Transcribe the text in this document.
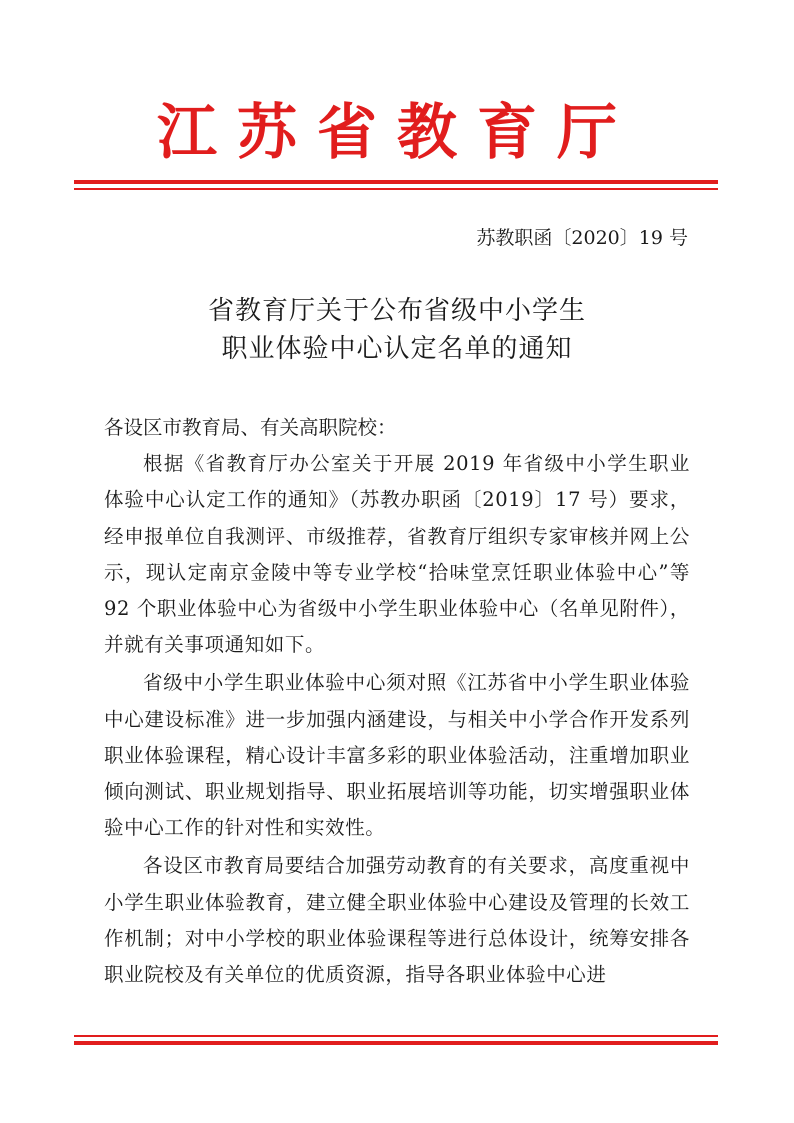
江苏省教育厅
苏教职函〔2020〕19 号
省教育厅关于公布省级中小学生
职业体验中心认定名单的通知

各设区市教育局、有关高职院校：

根据《省教育厅办公室关于开展 2019 年省级中小学生职业体验中心认定工作的通知》（苏教办职函〔2019〕17 号）要求，经申报单位自我测评、市级推荐，省教育厅组织专家审核并网上公示，现认定南京金陵中等专业学校“拾味堂烹饪职业体验中心”等 92 个职业体验中心为省级中小学生职业体验中心（名单见附件），并就有关事项通知如下。

省级中小学生职业体验中心须对照《江苏省中小学生职业体验中心建设标准》进一步加强内涵建设，与相关中小学合作开发系列职业体验课程，精心设计丰富多彩的职业体验活动，注重增加职业倾向测试、职业规划指导、职业拓展培训等功能，切实增强职业体验中心工作的针对性和实效性。

各设区市教育局要结合加强劳动教育的有关要求，高度重视中小学生职业体验教育，建立健全职业体验中心建设及管理的长效工作机制；对中小学校的职业体验课程等进行总体设计，统筹安排各职业院校及有关单位的优质资源，指导各职业体验中心进
